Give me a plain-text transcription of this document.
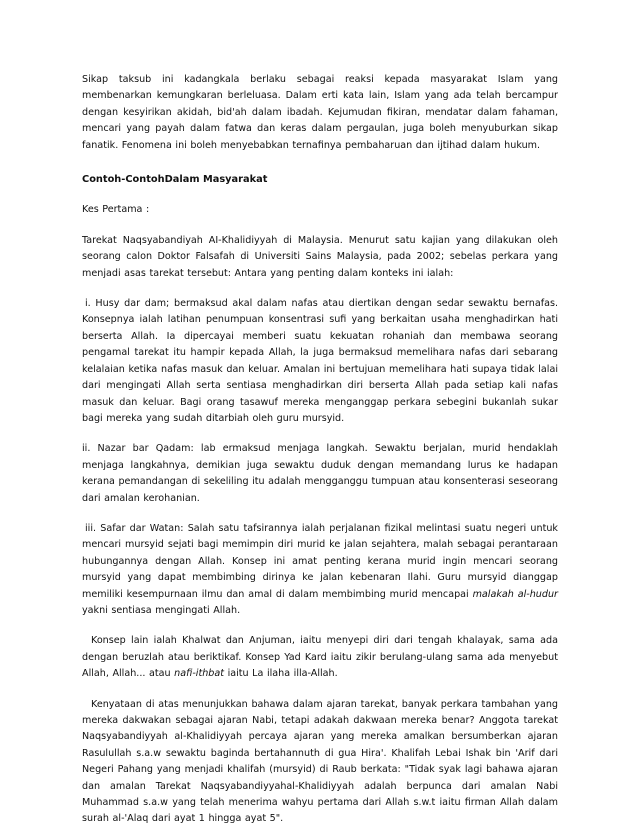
Sikap taksub ini kadangkala berlaku sebagai reaksi kepada masyarakat Islam yang membenarkan kemungkaran berleluasa. Dalam erti kata lain, Islam yang ada telah bercampur dengan kesyirikan akidah, bid'ah dalam ibadah. Kejumudan fikiran, mendatar dalam fahaman, mencari yang payah dalam fatwa dan keras dalam pergaulan, juga boleh menyuburkan sikap fanatik. Fenomena ini boleh menyebabkan ternafinya pembaharuan dan ijtihad dalam hukum.

Contoh-ContohDalam Masyarakat

Kes Pertama :

Tarekat Naqsyabandiyah AI-Khalidiyyah di Malaysia. Menurut satu kajian yang dilakukan oleh seorang calon Doktor Falsafah di Universiti Sains Malaysia, pada 2002; sebelas perkara yang menjadi asas tarekat tersebut: Antara yang penting dalam konteks ini ialah:

i. Husy dar dam; bermaksud akal dalam nafas atau diertikan dengan sedar sewaktu bernafas. Konsepnya ialah latihan penumpuan konsentrasi sufi yang berkaitan usaha menghadirkan hati berserta Allah. Ia dipercayai memberi suatu kekuatan rohaniah dan membawa seorang pengamal tarekat itu hampir kepada Allah, la juga bermaksud memelihara nafas dari sebarang kelalaian ketika nafas masuk dan keluar. Amalan ini bertujuan memelihara hati supaya tidak lalai dari mengingati Allah serta sentiasa menghadirkan diri berserta Allah pada setiap kali nafas masuk dan keluar. Bagi orang tasawuf mereka menganggap perkara sebegini bukanlah sukar bagi mereka yang sudah ditarbiah oleh guru mursyid.

ii. Nazar bar Qadam: lab ermaksud menjaga langkah. Sewaktu berjalan, murid hendaklah menjaga langkahnya, demikian juga sewaktu duduk dengan memandang lurus ke hadapan kerana pemandangan di sekeliling itu adalah mengganggu tumpuan atau konsenterasi seseorang dari amalan kerohanian.

iii. Safar dar Watan: Salah satu tafsirannya ialah perjalanan fizikal melintasi suatu negeri untuk mencari mursyid sejati bagi memimpin diri murid ke jalan sejahtera, malah sebagai perantaraan hubungannya dengan Allah. Konsep ini amat penting kerana murid ingin mencari seorang mursyid yang dapat membimbing dirinya ke jalan kebenaran Ilahi. Guru mursyid dianggap memiliki kesempurnaan ilmu dan amal di dalam membimbing murid mencapai malakah al-hudur yakni sentiasa mengingati Allah.

Konsep lain ialah Khalwat dan Anjuman, iaitu menyepi diri dari tengah khalayak, sama ada dengan beruzlah atau beriktikaf. Konsep Yad Kard iaitu zikir berulang-ulang sama ada menyebut Allah, Allah... atau nafi-ithbat iaitu La ilaha illa-Allah.

Kenyataan di atas menunjukkan bahawa dalam ajaran tarekat, banyak perkara tambahan yang mereka dakwakan sebagai ajaran Nabi, tetapi adakah dakwaan mereka benar? Anggota tarekat Naqsyabandiyyah al-Khalidiyyah percaya ajaran yang mereka amalkan bersumberkan ajaran Rasulullah s.a.w sewaktu baginda bertahannuth di gua Hira'. Khalifah Lebai Ishak bin 'Arif dari Negeri Pahang yang menjadi khalifah (mursyid) di Raub berkata: "Tidak syak lagi bahawa ajaran dan amalan Tarekat Naqsyabandiyyahal-Khalidiyyah adalah berpunca dari amalan Nabi Muhammad s.a.w yang telah menerima wahyu pertama dari Allah s.w.t iaitu firman Allah dalam surah al-'Alaq dari ayat 1 hingga ayat 5".
